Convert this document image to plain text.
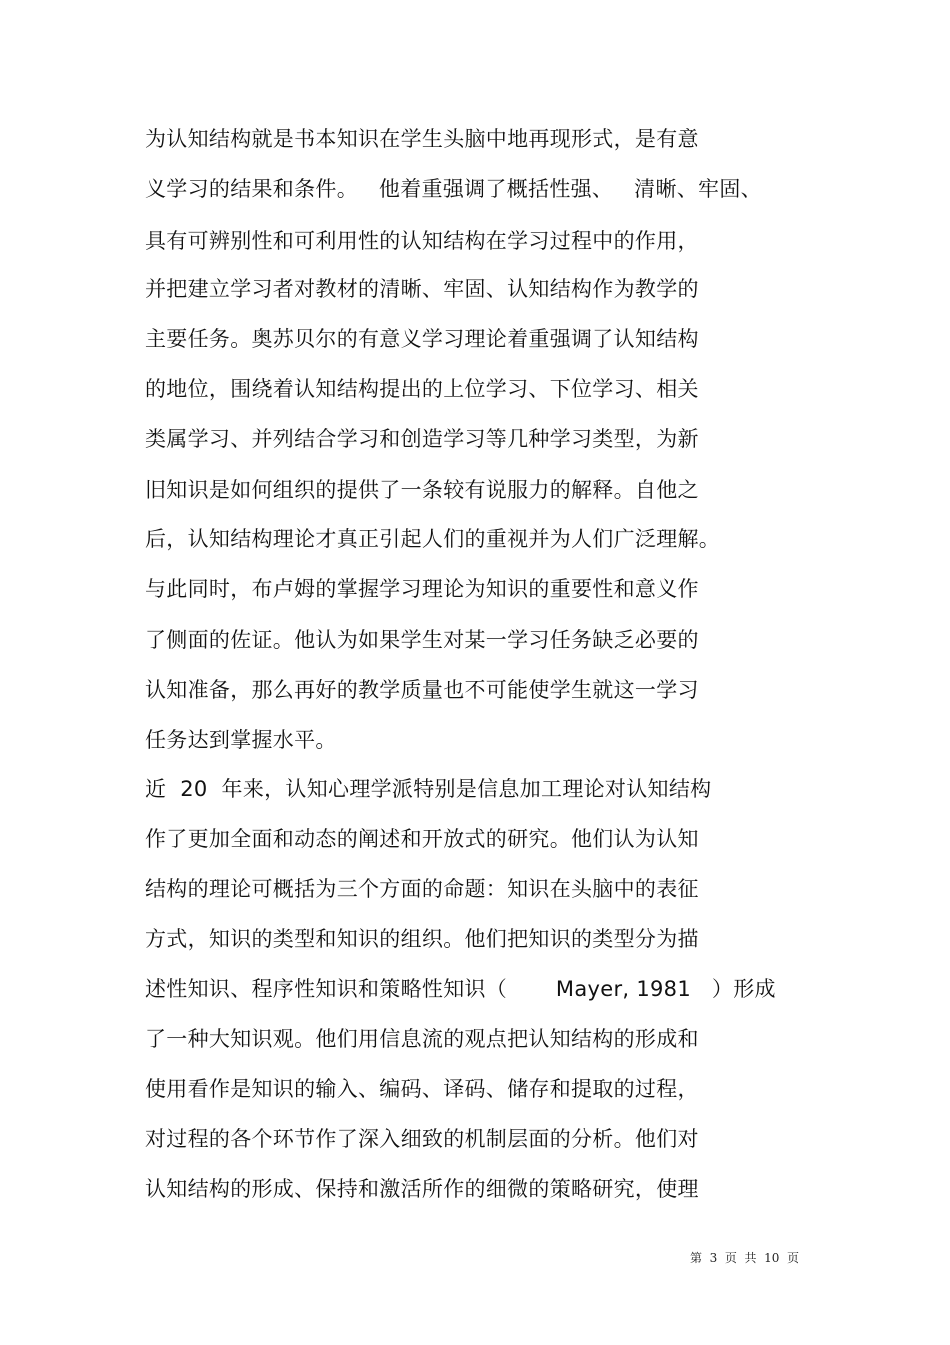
为认知结构就是书本知识在学生头脑中地再现形式，是有意
义学习的结果和条件。   他着重强调了概括性强、   清晰、牢固、
具有可辨别性和可利用性的认知结构在学习过程中的作用，
并把建立学习者对教材的清晰、牢固、认知结构作为教学的
主要任务。奥苏贝尔的有意义学习理论着重强调了认知结构
的地位，围绕着认知结构提出的上位学习、下位学习、相关
类属学习、并列结合学习和创造学习等几种学习类型，为新
旧知识是如何组织的提供了一条较有说服力的解释。自他之
后，认知结构理论才真正引起人们的重视并为人们广泛理解。
与此同时，布卢姆的掌握学习理论为知识的重要性和意义作
了侧面的佐证。他认为如果学生对某一学习任务缺乏必要的
认知准备，那么再好的教学质量也不可能使学生就这一学习
任务达到掌握水平。
近  20  年来，认知心理学派特别是信息加工理论对认知结构
作了更加全面和动态的阐述和开放式的研究。他们认为认知
结构的理论可概括为三个方面的命题：知识在头脑中的表征
方式，知识的类型和知识的组织。他们把知识的类型分为描
述性知识、程序性知识和策略性知识（       Mayer, 1981   ）形成
了一种大知识观。他们用信息流的观点把认知结构的形成和
使用看作是知识的输入、编码、译码、储存和提取的过程，
对过程的各个环节作了深入细致的机制层面的分析。他们对
认知结构的形成、保持和激活所作的细微的策略研究，使理
第  3  页  共  10  页
